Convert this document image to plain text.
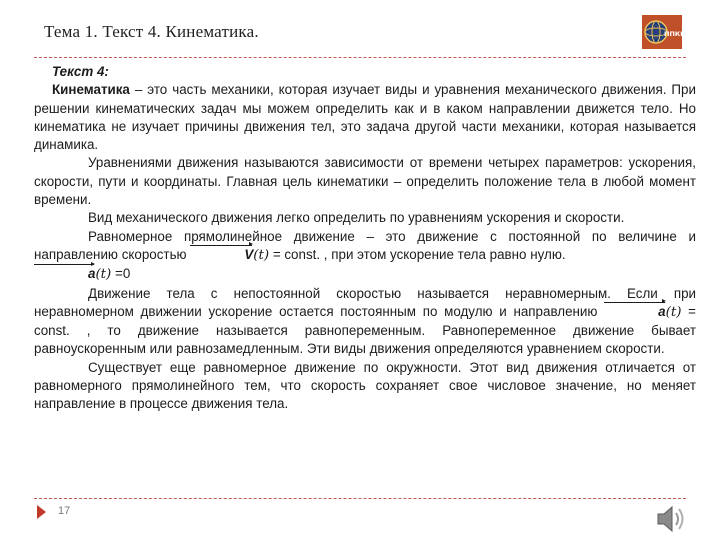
Тема 1. Текст 4. Кинематика.	ППКМЦ

Текст 4:

Кинематика – это часть механики, которая изучает виды и уравнения механического движения. При решении кинематических задач мы можем определить как и в каком направлении движется тело. Но кинематика не изучает причины движения тел, это задача другой части механики, которая называется динамика.

Уравнениями движения называются зависимости от времени четырех параметров: ускорения, скорости, пути и координаты. Главная цель кинематики – определить положение тела в любой момент времени.

Вид механического движения легко определить по уравнениям ускорения и скорости.

Равномерное прямолинейное движение – это движение с постоянной по величине и направлению скоростью	V(t) = const. , при этом ускорение тела равно нулю.
a(t) =0

Движение тела с непостоянной скоростью называется неравномерным. Если при неравномерном движении ускорение остается постоянным по модулю и направлению	a(t) = const. , то движение называется равнопеременным. Равнопеременное движение бывает равноускоренным или равнозамедленным. Эти виды движения определяются уравнением скорости.

Существует еще равномерное движение по окружности. Этот вид движения отличается от равномерного прямолинейного тем, что скорость сохраняет свое числовое значение, но меняет направление в процессе движения тела.

17
